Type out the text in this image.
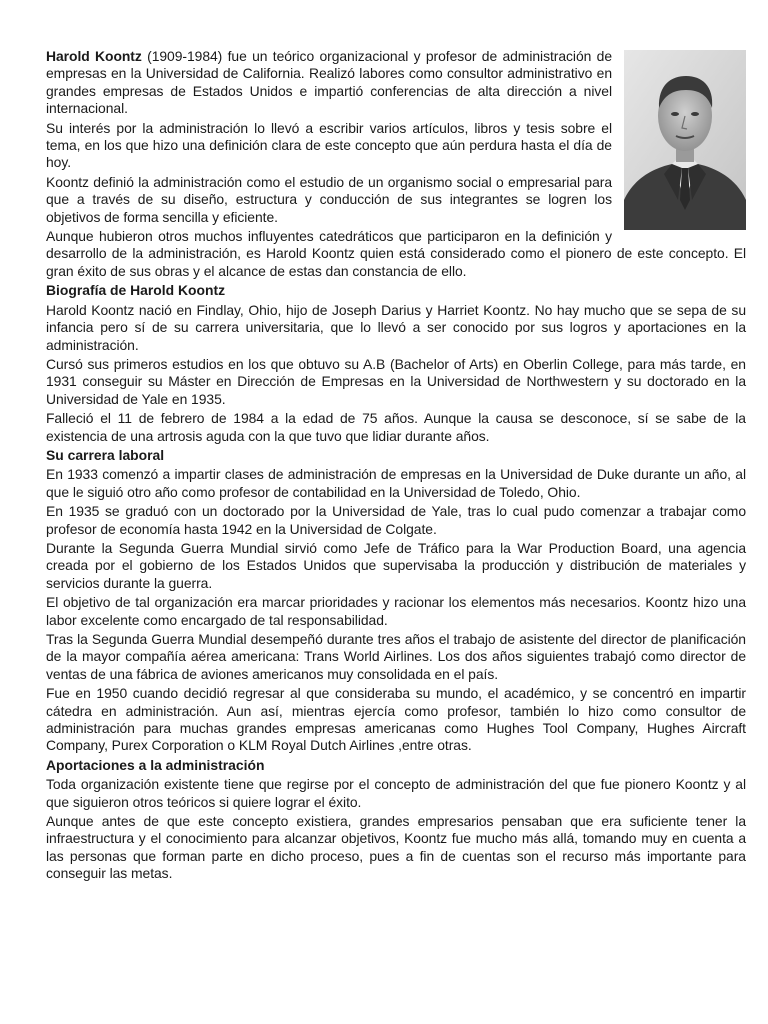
Harold Koontz (1909-1984) fue un teórico organizacional y profesor de administración de empresas en la Universidad de California. Realizó labores como consultor administrativo en grandes empresas de Estados Unidos e impartió conferencias de alta dirección a nivel internacional.

Su interés por la administración lo llevó a escribir varios artículos, libros y tesis sobre el tema, en los que hizo una definición clara de este concepto que aún perdura hasta el día de hoy.

Koontz definió la administración como el estudio de un organismo social o empresarial para que a través de su diseño, estructura y conducción de sus integrantes se logren los objetivos de forma sencilla y eficiente.

Aunque hubieron otros muchos influyentes catedráticos que participaron en la definición y desarrollo de la administración, es Harold Koontz quien está considerado como el pionero de este concepto. El gran éxito de sus obras y el alcance de estas dan constancia de ello.

Biografía de Harold Koontz

Harold Koontz nació en Findlay, Ohio, hijo de Joseph Darius y Harriet Koontz. No hay mucho que se sepa de su infancia pero sí de su carrera universitaria, que lo llevó a ser conocido por sus logros y aportaciones en la administración.

Cursó sus primeros estudios en los que obtuvo su A.B (Bachelor of Arts) en Oberlin College, para más tarde, en 1931 conseguir su Máster en Dirección de Empresas en la Universidad de Northwestern y su doctorado en la Universidad de Yale en 1935.

Falleció el 11 de febrero de 1984 a la edad de 75 años. Aunque la causa se desconoce, sí se sabe de la existencia de una artrosis aguda con la que tuvo que lidiar durante años.

Su carrera laboral

En 1933 comenzó a impartir clases de administración de empresas en la Universidad de Duke durante un año, al que le siguió otro año como profesor de contabilidad en la Universidad de Toledo, Ohio.

En 1935 se graduó con un doctorado por la Universidad de Yale, tras lo cual pudo comenzar a trabajar como profesor de economía hasta 1942 en la Universidad de Colgate.

Durante la Segunda Guerra Mundial sirvió como Jefe de Tráfico para la War Production Board, una agencia creada por el gobierno de los Estados Unidos que supervisaba la producción y distribución de materiales y servicios durante la guerra.

El objetivo de tal organización era marcar prioridades y racionar los elementos más necesarios. Koontz hizo una labor excelente como encargado de tal responsabilidad.

Tras la Segunda Guerra Mundial desempeñó durante tres años el trabajo de asistente del director de planificación de la mayor compañía aérea americana: Trans World Airlines. Los dos años siguientes trabajó como director de ventas de una fábrica de aviones americanos muy consolidada en el país.

Fue en 1950 cuando decidió regresar al que consideraba su mundo, el académico, y se concentró en impartir cátedra en administración. Aun así, mientras ejercía como profesor, también lo hizo como consultor de administración para muchas grandes empresas americanas como Hughes Tool Company, Hughes Aircraft Company, Purex Corporation o KLM Royal Dutch Airlines ,entre otras.

Aportaciones a la administración

Toda organización existente tiene que regirse por el concepto de administración del que fue pionero Koontz y al que siguieron otros teóricos si quiere lograr el éxito.

Aunque antes de que este concepto existiera, grandes empresarios pensaban que era suficiente tener la infraestructura y el conocimiento para alcanzar objetivos, Koontz fue mucho más allá, tomando muy en cuenta a las personas que forman parte en dicho proceso, pues a fin de cuentas son el recurso más importante para conseguir las metas.
